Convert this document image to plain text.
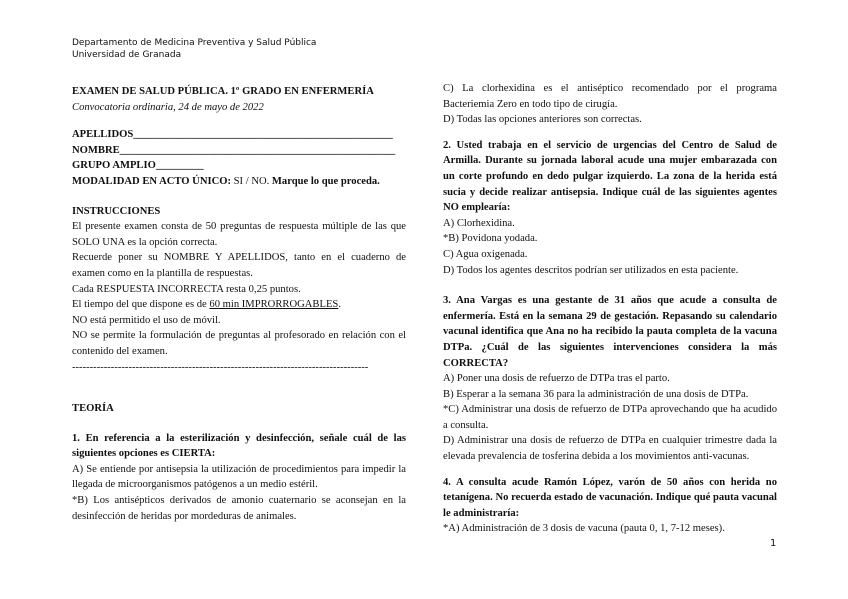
Departamento de Medicina Preventiva y Salud Pública
Universidad de Granada

EXAMEN DE SALUD PÚBLICA. 1º GRADO EN ENFERMERÍA

Convocatoria ordinaria, 24 de mayo de 2022

APELLIDOS_________________________________________________

NOMBRE____________________________________________________

GRUPO AMPLIO_________

MODALIDAD EN ACTO ÚNICO: SI / NO. Marque lo que proceda.

INSTRUCCIONES

El presente examen consta de 50 preguntas de respuesta múltiple de las que SOLO UNA es la opción correcta.

Recuerde poner su NOMBRE Y APELLIDOS, tanto en el cuaderno de examen como en la plantilla de respuestas.

Cada RESPUESTA INCORRECTA resta 0,25 puntos.

El tiempo del que dispone es de 60 min IMPRORROGABLES.

NO está permitido el uso de móvil.

NO se permite la formulación de preguntas al profesorado en relación con el contenido del examen.

------------------------------------------------------------------------------------

TEORÍA

1. En referencia a la esterilización y desinfección, señale cuál de las siguientes opciones es CIERTA:

A) Se entiende por antisepsia la utilización de procedimientos para impedir la llegada de microorganismos patógenos a un medio estéril.

*B) Los antisépticos derivados de amonio cuaternario se aconsejan en la desinfección de heridas por mordeduras de animales.

C) La clorhexidina es el antiséptico recomendado por el programa Bacteriemia Zero en todo tipo de cirugía.

D) Todas las opciones anteriores son correctas.

2. Usted trabaja en el servicio de urgencias del Centro de Salud de Armilla. Durante su jornada laboral acude una mujer embarazada con un corte profundo en dedo pulgar izquierdo. La zona de la herida está sucia y decide realizar antisepsia. Indique cuál de las siguientes agentes NO emplearía:

A) Clorhexidina.

*B) Povidona yodada.

C) Agua oxigenada.

D) Todos los agentes descritos podrían ser utilizados en esta paciente.

3. Ana Vargas es una gestante de 31 años que acude a consulta de enfermería. Está en la semana 29 de gestación. Repasando su calendario vacunal identifica que Ana no ha recibido la pauta completa de la vacuna DTPa. ¿Cuál de las siguientes intervenciones considera la más CORRECTA?

A) Poner una dosis de refuerzo de DTPa tras el parto.

B) Esperar a la semana 36 para la administración de una dosis de DTPa.

*C) Administrar una dosis de refuerzo de DTPa aprovechando que ha acudido a consulta.

D) Administrar una dosis de refuerzo de DTPa en cualquier trimestre dada la elevada prevalencia de tosferina debida a los movimientos anti-vacunas.

4. A consulta acude Ramón López, varón de 50 años con herida no tetanígena. No recuerda estado de vacunación. Indique qué pauta vacunal le administraría:

*A) Administración de 3 dosis de vacuna (pauta 0, 1, 7-12 meses).

1
